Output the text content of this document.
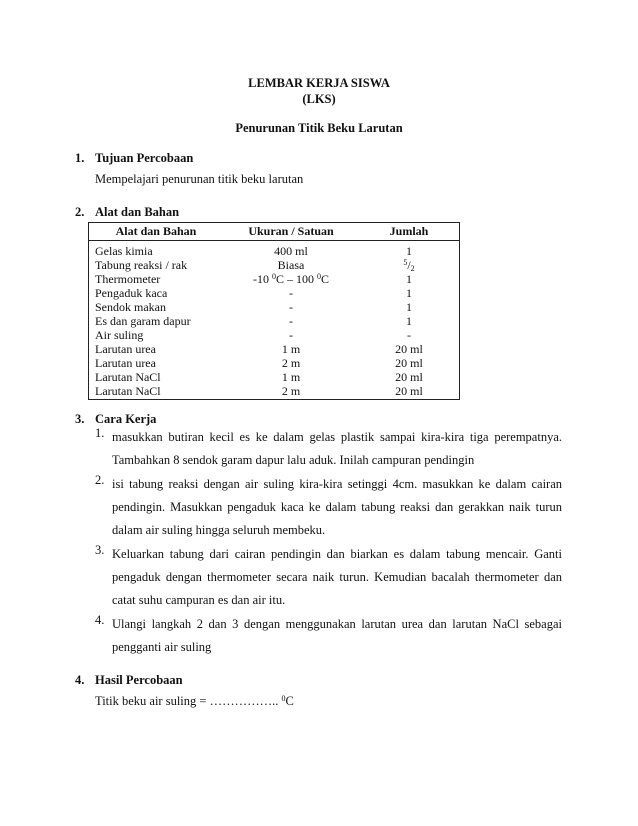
LEMBAR KERJA SISWA
(LKS)
Penurunan Titik Beku Larutan
1. Tujuan Percobaan
Mempelajari penurunan titik beku larutan
2. Alat dan Bahan
Alat dan Bahan	Ukuran / Satuan	Jumlah

Gelas kimia	400 ml	1
Tabung reaksi / rak	Biasa	$^5/_2$
Thermometer	-10 $^0$C – 100 $^0$C	1
Pengaduk kaca	-	1
Sendok makan	-	1
Es dan garam dapur	-	1
Air suling	-	-
Larutan urea	1 m	20 ml
Larutan urea	2 m	20 ml
Larutan NaCl	1 m	20 ml
Larutan NaCl	2 m	20 ml
3. Cara Kerja
1. masukkan butiran kecil es ke dalam gelas plastik sampai kira-kira tiga perempatnya. Tambahkan 8 sendok garam dapur lalu aduk. Inilah campuran pendingin
2. isi tabung reaksi dengan air suling kira-kira setinggi 4cm. masukkan ke dalam cairan pendingin. Masukkan pengaduk kaca ke dalam tabung reaksi dan gerakkan naik turun dalam air suling hingga seluruh membeku.
3. Keluarkan tabung dari cairan pendingin dan biarkan es dalam tabung mencair. Ganti pengaduk dengan thermometer secara naik turun. Kemudian bacalah thermometer dan catat suhu campuran es dan air itu.
4. Ulangi langkah 2 dan 3 dengan menggunakan larutan urea dan larutan NaCl sebagai pengganti air suling
4. Hasil Percobaan
Titik beku air suling = …………….. $^0$C
